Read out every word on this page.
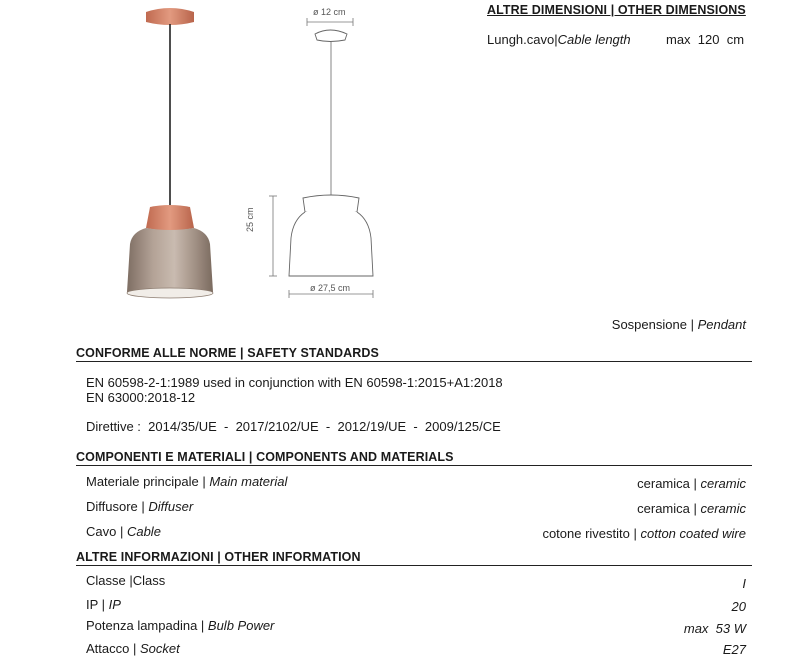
ø 12 cm
25 cm
ø 27,5 cm
ALTRE DIMENSIONI | OTHER DIMENSIONS
Lungh.cavo|Cable length	max  120  cm
Sospensione | Pendant
CONFORME ALLE NORME | SAFETY STANDARDS
EN 60598-2-1:1989 used in conjunction with EN 60598-1:2015+A1:2018
EN 63000:2018-12
Direttive :  2014/35/UE  -  2017/2102/UE  -  2012/19/UE  -  2009/125/CE
COMPONENTI E MATERIALI | COMPONENTS AND MATERIALS
Materiale principale | Main material	ceramica | ceramic
Diffusore | Diffuser	ceramica | ceramic
Cavo | Cable	cotone rivestito | cotton coated wire
ALTRE INFORMAZIONI | OTHER INFORMATION
Classe |Class	I
IP | IP	20
Potenza lampadina | Bulb Power	max  53 W
Attacco | Socket	E27
